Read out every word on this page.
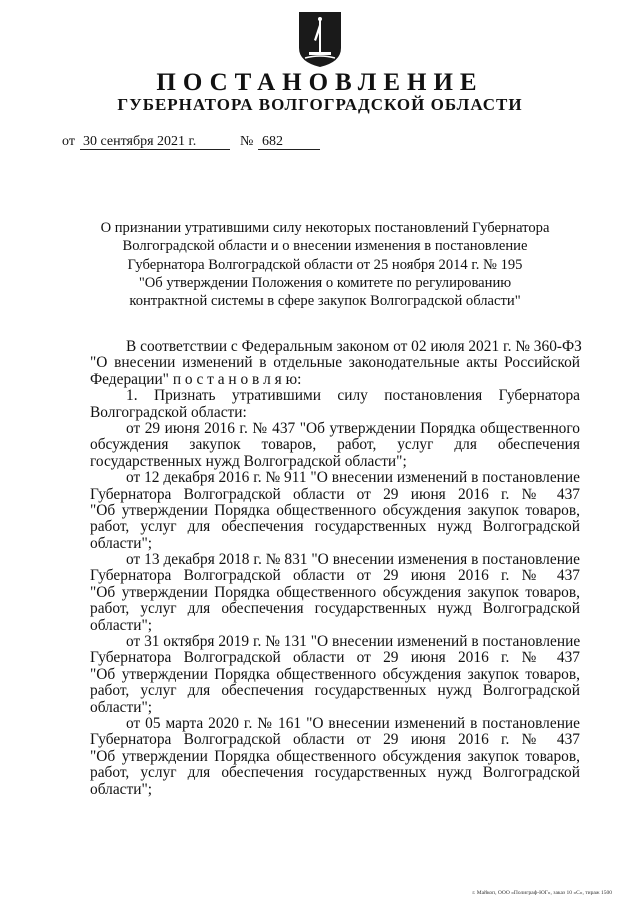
ПОСТАНОВЛЕНИЕ
ГУБЕРНАТОРА ВОЛГОГРАДСКОЙ ОБЛАСТИ
от 30 сентября 2021 г.	№ 682
О признании утратившими силу некоторых постановлений Губернатора
Волгоградской области и о внесении изменения в постановление
Губернатора Волгоградской области от 25 ноября 2014 г. № 195
"Об утверждении Положения о комитете по регулированию
контрактной системы в сфере закупок Волгоградской области"
В соответствии с Федеральным законом от 02 июля 2021 г. № 360-ФЗ
"О внесении изменений в отдельные законодательные акты Российской
Федерации" п о с т а н о в л я ю:
1. Признать утратившими силу постановления Губернатора
Волгоградской области:
от 29 июня 2016 г. № 437 "Об утверждении Порядка общественного
обсуждения закупок товаров, работ, услуг для обеспечения
государственных нужд Волгоградской области";
от 12 декабря 2016 г. № 911 "О внесении изменений в постановление
Губернатора Волгоградской области от 29 июня 2016 г. № 437
"Об утверждении Порядка общественного обсуждения закупок товаров,
работ, услуг для обеспечения государственных нужд Волгоградской
области";
от 13 декабря 2018 г. № 831 "О внесении изменения в постановление
Губернатора Волгоградской области от 29 июня 2016 г. № 437
"Об утверждении Порядка общественного обсуждения закупок товаров,
работ, услуг для обеспечения государственных нужд Волгоградской
области";
от 31 октября 2019 г. № 131 "О внесении изменений в постановление
Губернатора Волгоградской области от 29 июня 2016 г. № 437
"Об утверждении Порядка общественного обсуждения закупок товаров,
работ, услуг для обеспечения государственных нужд Волгоградской
области";
от 05 марта 2020 г. № 161 "О внесении изменений в постановление
Губернатора Волгоградской области от 29 июня 2016 г. № 437
"Об утверждении Порядка общественного обсуждения закупок товаров,
работ, услуг для обеспечения государственных нужд Волгоградской
области";
г. Майкоп, ООО «Полиграф-ЮГ», заказ 10 «С», тираж 1500
